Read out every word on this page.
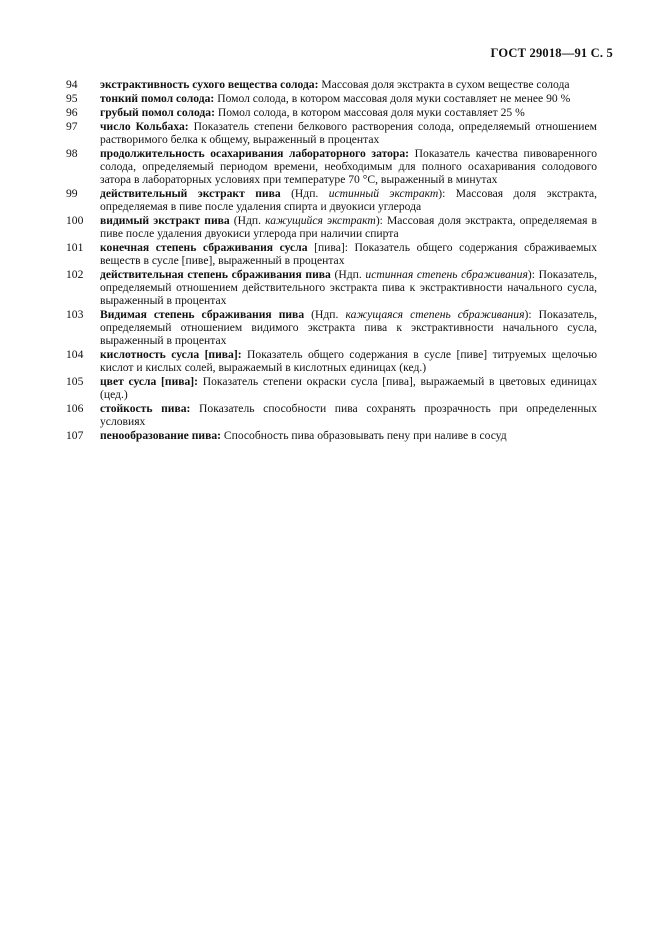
ГОСТ 29018—91 С. 5
94	экстрактивность сухого вещества солода: Массовая доля экстракта в сухом веществе солода
95	тонкий помол солода: Помол солода, в котором массовая доля муки составляет не менее 90 %
96	грубый помол солода: Помол солода, в котором массовая доля муки составляет 25 %
97	число Кольбаха: Показатель степени белкового растворения солода, определяемый отношением растворимого белка к общему, выраженный в процентах
98	продолжительность осахаривания лабораторного затора: Показатель качества пивоваренного солода, определяемый периодом времени, необходимым для полного осахаривания солодового затора в лабораторных условиях при температуре 70 °С, выраженный в минутах
99	действительный экстракт пива (Ндп. истинный экстракт): Массовая доля экстракта, определяемая в пиве после удаления спирта и двуокиси углерода
100	видимый экстракт пива (Ндп. кажущийся экстракт): Массовая доля экстракта, определяемая в пиве после удаления двуокиси углерода при наличии спирта
101	конечная степень сбраживания сусла [пива]: Показатель общего содержания сбраживаемых веществ в сусле [пиве], выраженный в процентах
102	действительная степень сбраживания пива (Ндп. истинная степень сбраживания): Показатель, определяемый отношением действительного экстракта пива к экстрактивности начального сусла, выраженный в процентах
103	Видимая степень сбраживания пива (Ндп. кажущаяся степень сбраживания): Показатель, определяемый отношением видимого экстракта пива к экстрактивности начального сусла, выраженный в процентах
104	кислотность сусла [пива]: Показатель общего содержания в сусле [пиве] титруемых щелочью кислот и кислых солей, выражаемый в кислотных единицах (кед.)
105	цвет сусла [пива]: Показатель степени окраски сусла [пива], выражаемый в цветовых единицах (цед.)
106	стойкость пива: Показатель способности пива сохранять прозрачность при определенных условиях
107	пенообразование пива: Способность пива образовывать пену при наливе в сосуд
